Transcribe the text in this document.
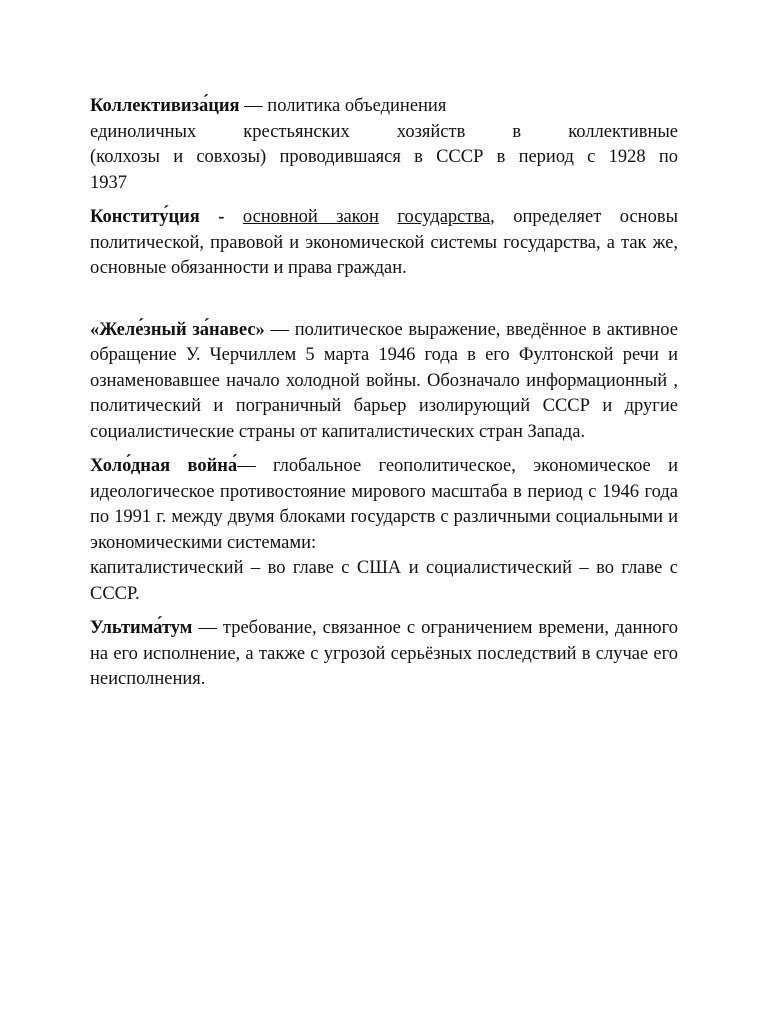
Коллективиза́ция — политика объединения
единоличных крестьянских хозяйств в коллективные
(колхозы и совхозы) проводившаяся в СССР в период с 1928 по
1937

Конститу́ция - основной закон государства, определяет основы политической, правовой и экономической системы государства, а так же, основные обязанности и права граждан.

«Желе́зный за́навес» — политическое выражение, введённое в активное обращение У. Черчиллем 5 марта 1946 года в его Фултонской речи и ознаменовавшее начало холодной войны. Обозначало информационный , политический и пограничный барьер изолирующий СССР и другие социалистические страны от капиталистических стран Запада.

Холо́дная война́— глобальное геополитическое, экономическое и идеологическое противостояние мирового масштаба в период с 1946 года по 1991 г. между двумя блоками государств с различными социальными и экономическими системами:

капиталистический – во главе с США и социалистический – во главе с СССР.

Ультима́тум — требование, связанное с ограничением времени, данного на его исполнение, а также с угрозой серьёзных последствий в случае его неисполнения.
